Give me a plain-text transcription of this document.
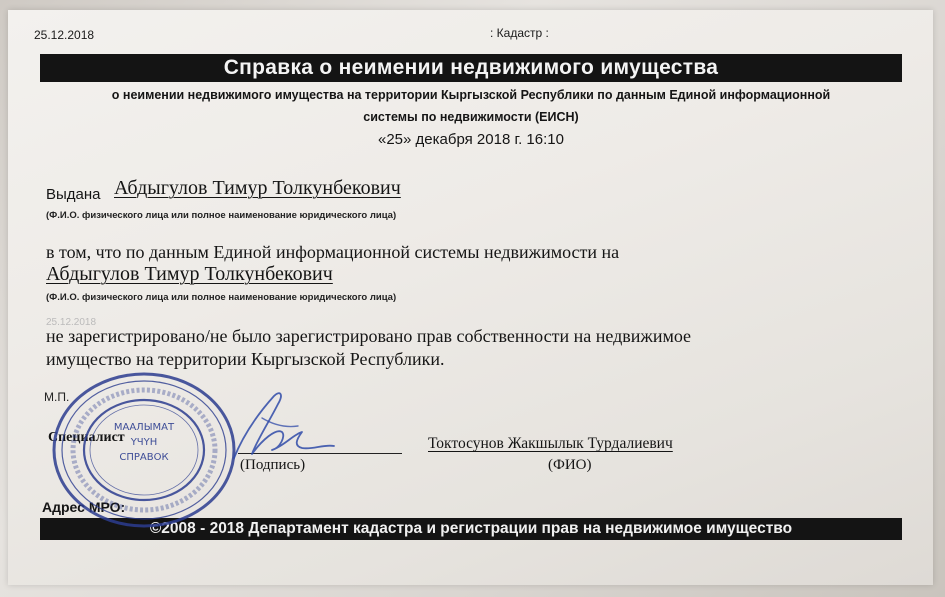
25.12.2018	: Кадастр :
Справка о неимении недвижимого имущества
о неимении недвижимого имущества на территории Кыргызской Республики по данным Единой информационной
системы по недвижимости (ЕИСН)
«25» декабря 2018 г. 16:10
Выдана Абдыгулов Тимур Толкунбекович
(Ф.И.О. физического лица или полное наименование юридического лица)
в том, что по данным Единой информационной системы недвижимости на
Абдыгулов Тимур Толкунбекович
(Ф.И.О. физического лица или полное наименование юридического лица)
25.12.2018
не зарегистрировано/не было зарегистрировано прав собственности на недвижимое
имущество на территории Кыргызской Республики.
М.П.
Специалист
(Подпись)
Токтосунов Жакшылык Турдалиевич
(ФИО)
Адрес МРО:
©2008 - 2018 Департамент кадастра и регистрации прав на недвижимое имущество
МААЛЫМАТ
ҮЧҮН
СПРАВОК
